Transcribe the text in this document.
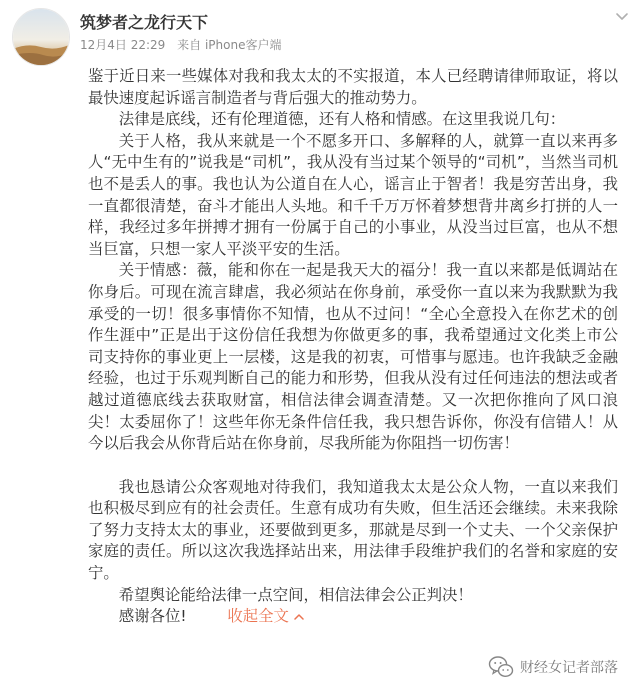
筑梦者之龙行天下
12月4日 22:29 来自 iPhone客户端

鉴于近日来一些媒体对我和我太太的不实报道，本人已经聘请律师取证，将以最快速度起诉谣言制造者与背后强大的推动势力。

法律是底线，还有伦理道德，还有人格和情感。在这里我说几句：

关于人格，我从来就是一个不愿多开口、多解释的人，就算一直以来再多人“无中生有的”说我是“司机”，我从没有当过某个领导的“司机”，当然当司机也不是丢人的事。我也认为公道自在人心，谣言止于智者！我是穷苦出身，我一直都很清楚，奋斗才能出人头地。和千千万万怀着梦想背井离乡打拼的人一样，我经过多年拼搏才拥有一份属于自己的小事业，从没当过巨富，也从不想当巨富，只想一家人平淡平安的生活。

关于情感：薇，能和你在一起是我天大的福分！我一直以来都是低调站在你身后。可现在流言肆虐，我必须站在你身前，承受你一直以来为我默默为我承受的一切！很多事情你不知情，也从不过问！“全心全意投入在你艺术的创作生涯中”正是出于这份信任我想为你做更多的事，我希望通过文化类上市公司支持你的事业更上一层楼，这是我的初衷，可惜事与愿违。也许我缺乏金融经验，也过于乐观判断自己的能力和形势，但我从没有过任何违法的想法或者越过道德底线去获取财富，相信法律会调查清楚。又一次把你推向了风口浪尖！太委屈你了！这些年你无条件信任我，我只想告诉你，你没有信错人！从今以后我会从你背后站在你身前，尽我所能为你阻挡一切伤害！

我也恳请公众客观地对待我们，我知道我太太是公众人物，一直以来我们也积极尽到应有的社会责任。生意有成功有失败，但生活还会继续。未来我除了努力支持太太的事业，还要做到更多，那就是尽到一个丈夫、一个父亲保护家庭的责任。所以这次我选择站出来，用法律手段维护我们的名誉和家庭的安宁。

希望舆论能给法律一点空间，相信法律会公正判决！

感谢各位!	收起全文

财经女记者部落
